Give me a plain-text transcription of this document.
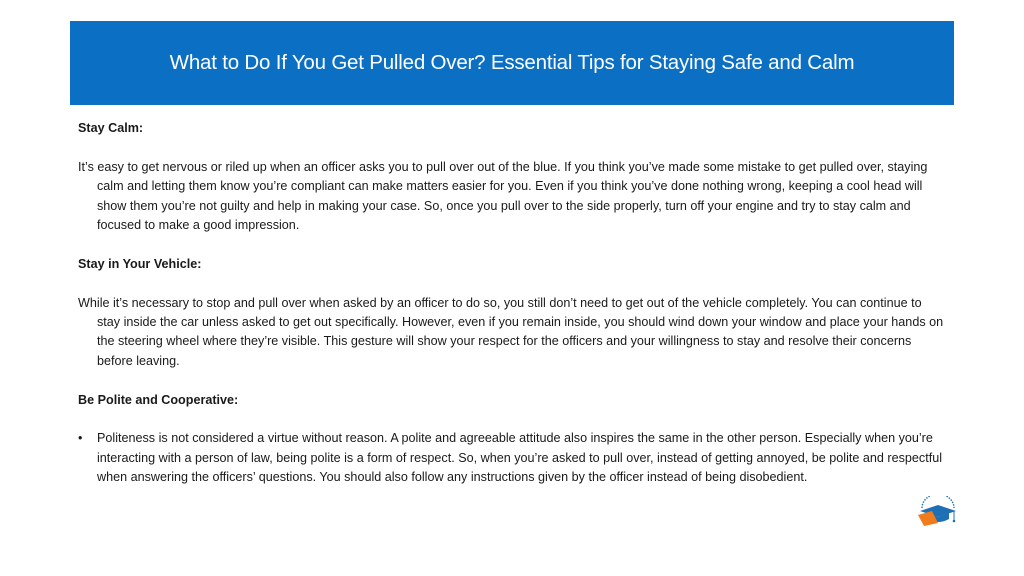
What to Do If You Get Pulled Over? Essential Tips for Staying Safe and Calm

Stay Calm:

It’s easy to get nervous or riled up when an officer asks you to pull over out of the blue. If you think you’ve made some mistake to get pulled over, staying calm and letting them know you’re compliant can make matters easier for you. Even if you think you’ve done nothing wrong, keeping a cool head will show them you’re not guilty and help in making your case. So, once you pull over to the side properly, turn off your engine and try to stay calm and focused to make a good impression.

Stay in Your Vehicle:

While it’s necessary to stop and pull over when asked by an officer to do so, you still don’t need to get out of the vehicle completely. You can continue to stay inside the car unless asked to get out specifically. However, even if you remain inside, you should wind down your window and place your hands on the steering wheel where they’re visible. This gesture will show your respect for the officers and your willingness to stay and resolve their concerns before leaving.

Be Polite and Cooperative:

•	Politeness is not considered a virtue without reason. A polite and agreeable attitude also inspires the same in the other person. Especially when you’re interacting with a person of law, being polite is a form of respect. So, when you’re asked to pull over, instead of getting annoyed, be polite and respectful when answering the officers’ questions. You should also follow any instructions given by the officer instead of being disobedient.
